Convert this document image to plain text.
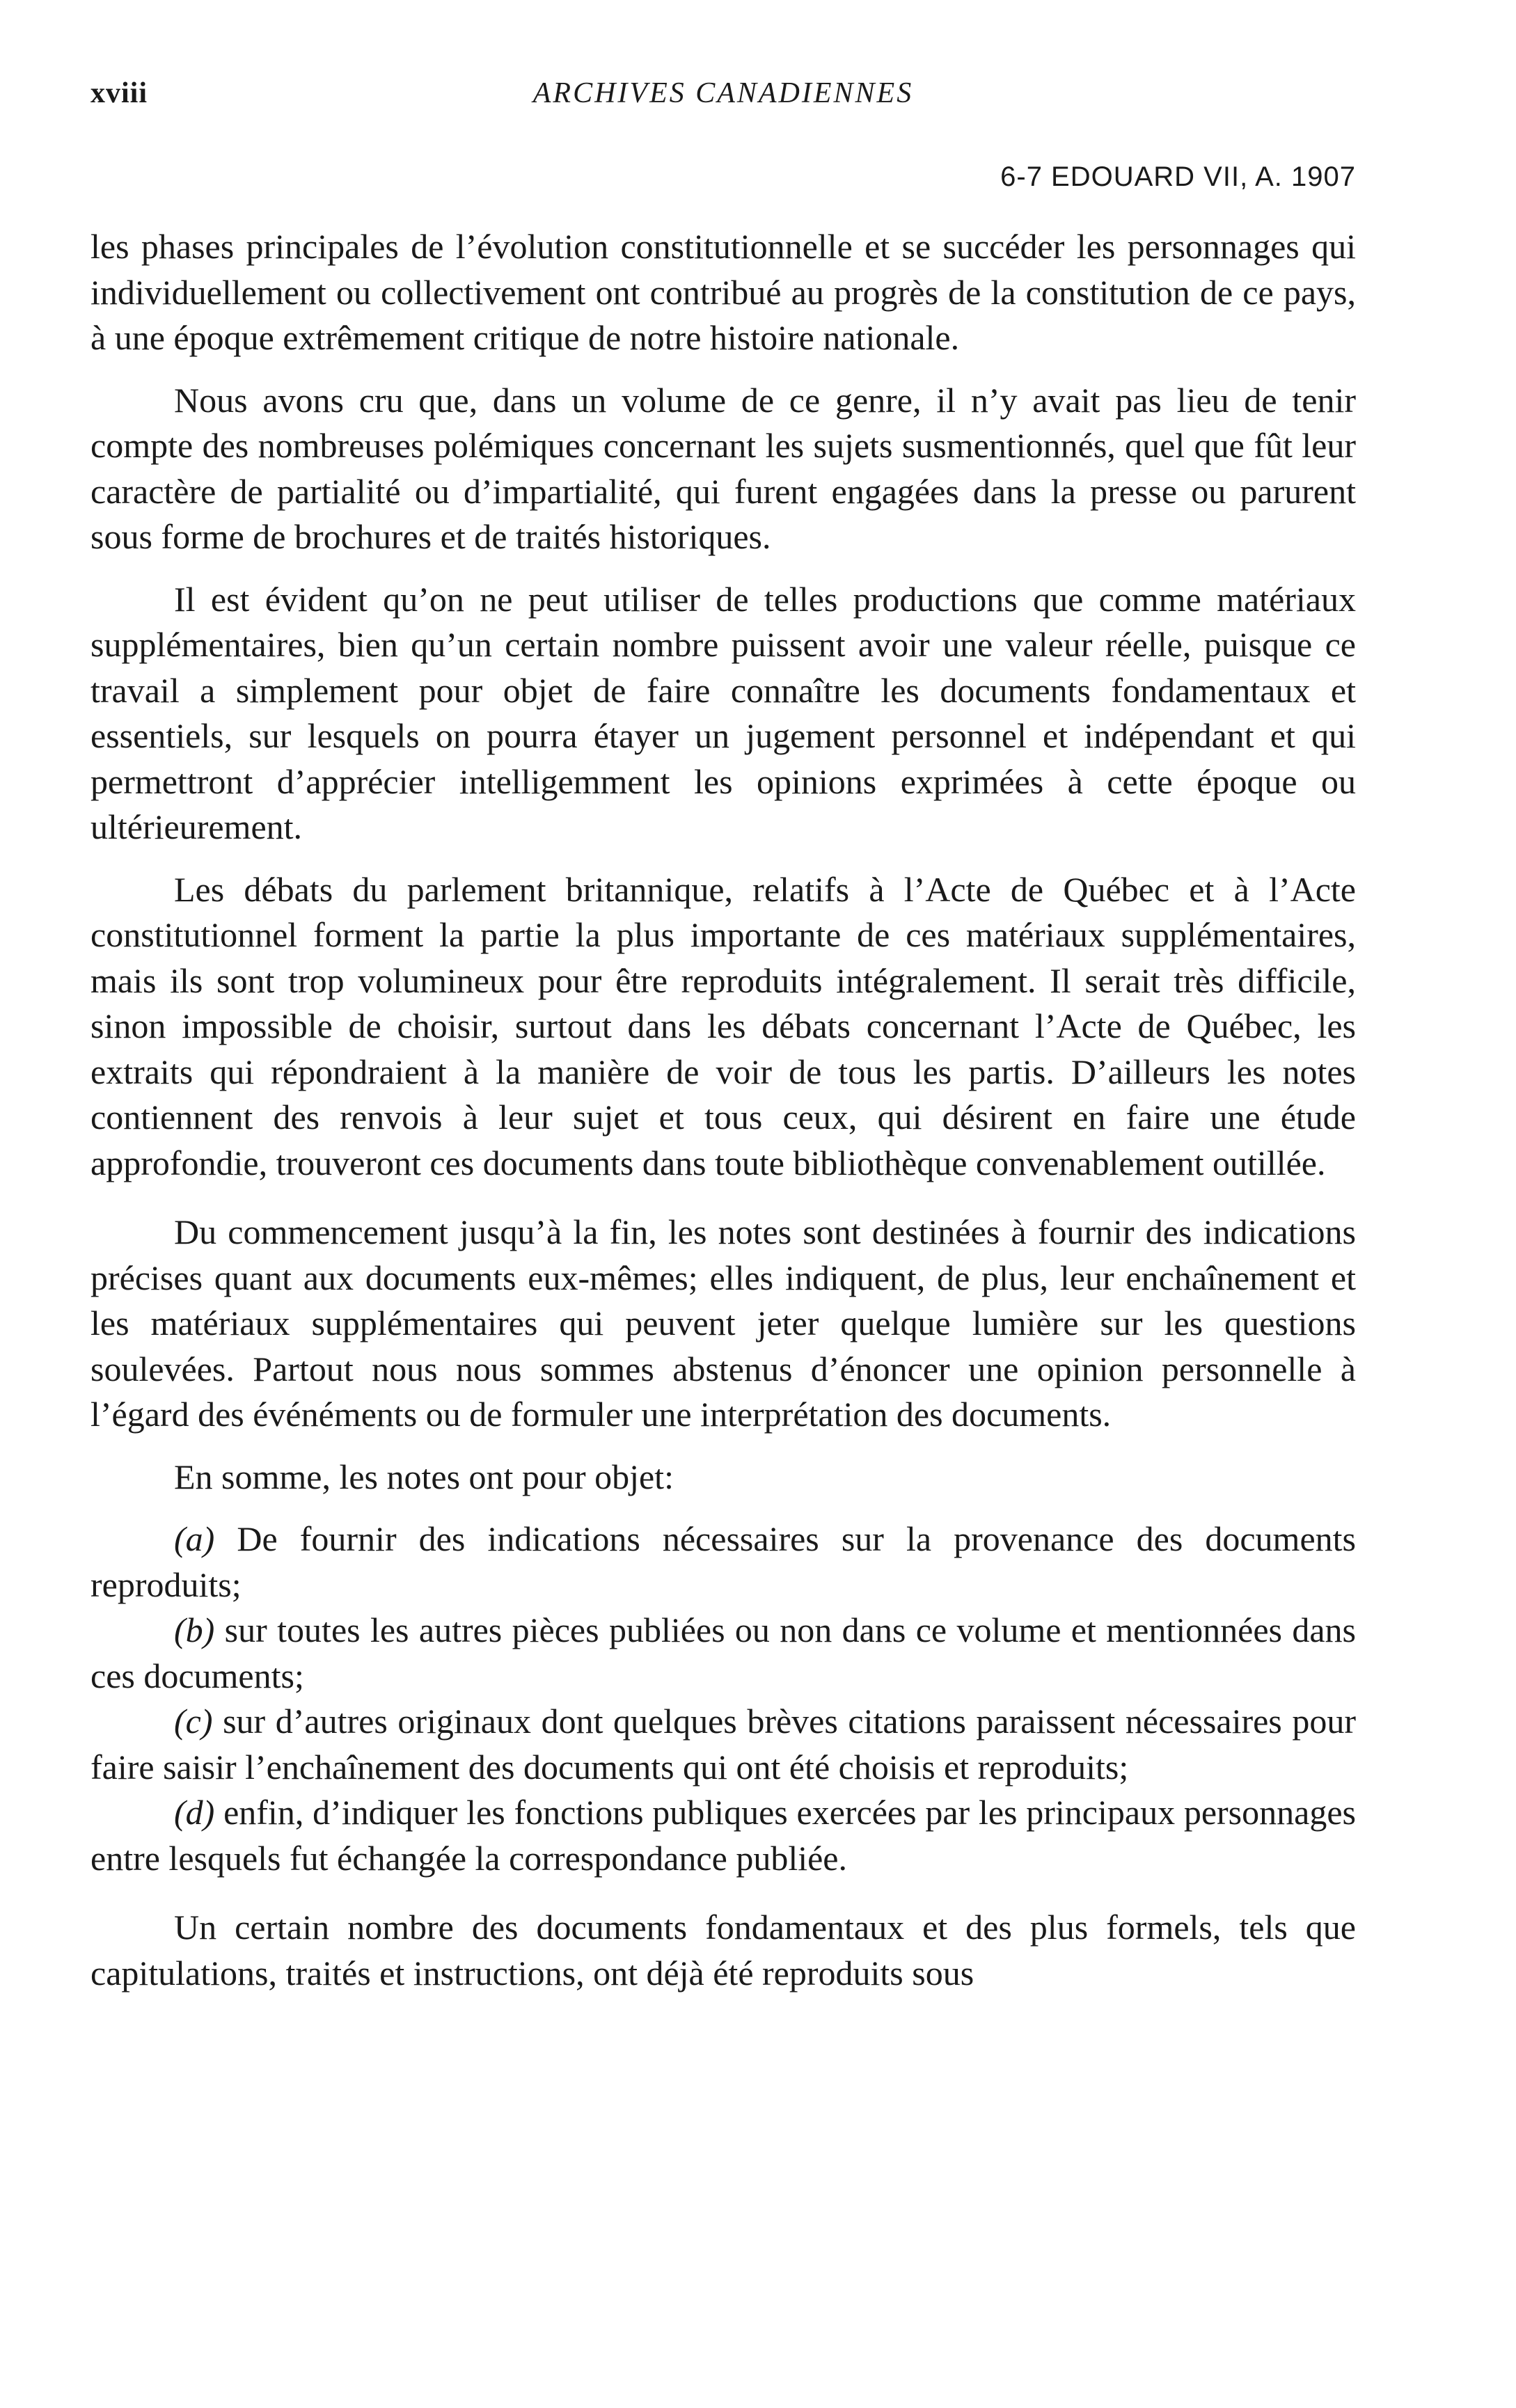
xviii	ARCHIVES CANADIENNES
6-7 EDOUARD VII, A. 1907

les phases principales de l’évolution constitutionnelle et se succéder les personnages qui individuellement ou collectivement ont contribué au progrès de la constitution de ce pays, à une époque extrêmement critique de notre histoire nationale.

Nous avons cru que, dans un volume de ce genre, il n’y avait pas lieu de tenir compte des nombreuses polémiques concernant les sujets susmentionnés, quel que fût leur caractère de partialité ou d’impartialité, qui furent engagées dans la presse ou parurent sous forme de brochures et de traités historiques.

Il est évident qu’on ne peut utiliser de telles productions que comme matériaux supplémentaires, bien qu’un certain nombre puissent avoir une valeur réelle, puisque ce travail a simplement pour objet de faire connaître les documents fondamentaux et essentiels, sur lesquels on pourra étayer un jugement personnel et indépendant et qui permettront d’apprécier intelligemment les opinions exprimées à cette époque ou ultérieurement.

Les débats du parlement britannique, relatifs à l’Acte de Québec et à l’Acte constitutionnel forment la partie la plus importante de ces matériaux supplémentaires, mais ils sont trop volumineux pour être reproduits intégralement. Il serait très difficile, sinon impossible de choisir, surtout dans les débats concernant l’Acte de Québec, les extraits qui répondraient à la manière de voir de tous les partis. D’ailleurs les notes contiennent des renvois à leur sujet et tous ceux, qui désirent en faire une étude approfondie, trouveront ces documents dans toute bibliothèque convenablement outillée.

Du commencement jusqu’à la fin, les notes sont destinées à fournir des indications précises quant aux documents eux-mêmes; elles indiquent, de plus, leur enchaînement et les matériaux supplémentaires qui peuvent jeter quelque lumière sur les questions soulevées. Partout nous nous sommes abstenus d’énoncer une opinion personnelle à l’égard des événéments ou de formuler une interprétation des documents.

En somme, les notes ont pour objet:

(a) De fournir des indications nécessaires sur la provenance des documents reproduits;

(b) sur toutes les autres pièces publiées ou non dans ce volume et mentionnées dans ces documents;

(c) sur d’autres originaux dont quelques brèves citations paraissent nécessaires pour faire saisir l’enchaînement des documents qui ont été choisis et reproduits;

(d) enfin, d’indiquer les fonctions publiques exercées par les principaux personnages entre lesquels fut échangée la correspondance publiée.

Un certain nombre des documents fondamentaux et des plus formels, tels que capitulations, traités et instructions, ont déjà été reproduits sous
